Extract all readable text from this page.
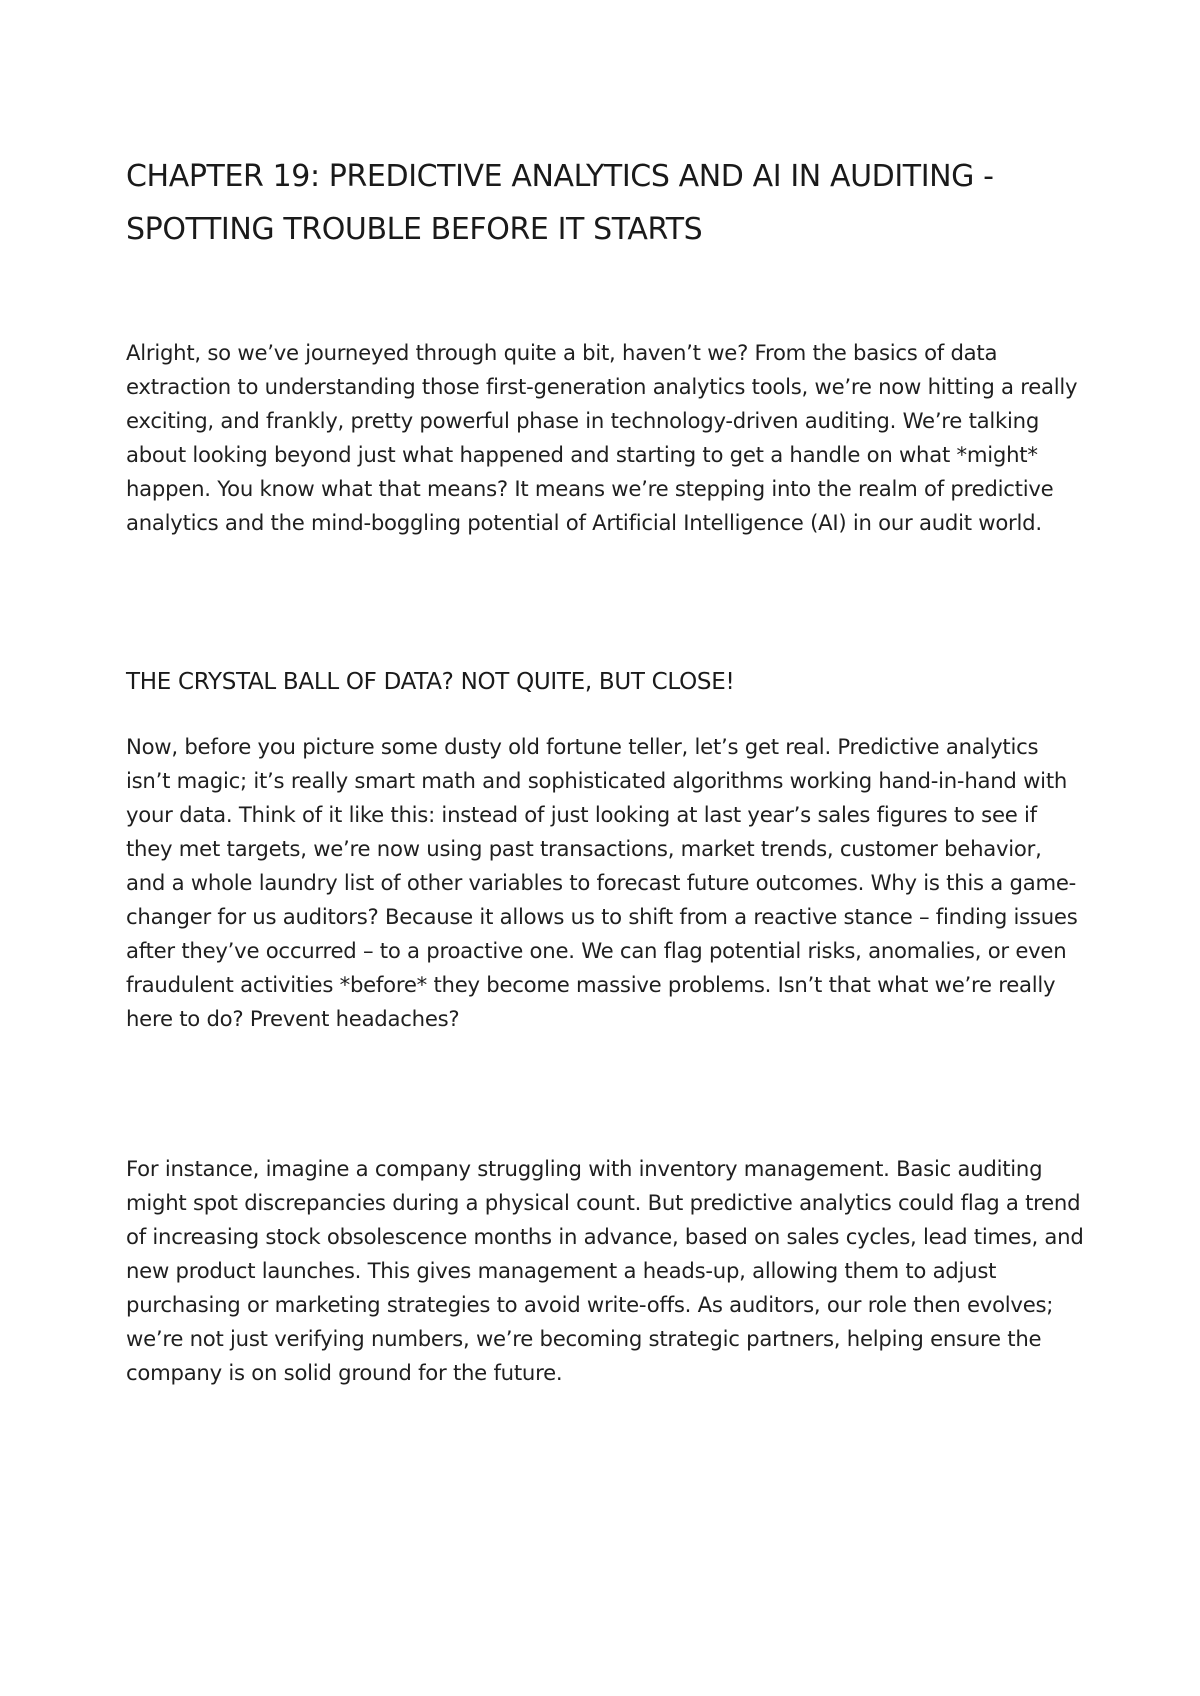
CHAPTER 19: PREDICTIVE ANALYTICS AND AI IN AUDITING - SPOTTING TROUBLE BEFORE IT STARTS

Alright, so we’ve journeyed through quite a bit, haven’t we? From the basics of data extraction to understanding those first-generation analytics tools, we’re now hitting a really exciting, and frankly, pretty powerful phase in technology-driven auditing. We’re talking about looking beyond just what happened and starting to get a handle on what *might* happen. You know what that means? It means we’re stepping into the realm of predictive analytics and the mind-boggling potential of Artificial Intelligence (AI) in our audit world.

THE CRYSTAL BALL OF DATA? NOT QUITE, BUT CLOSE!

Now, before you picture some dusty old fortune teller, let’s get real. Predictive analytics isn’t magic; it’s really smart math and sophisticated algorithms working hand-in-hand with your data. Think of it like this: instead of just looking at last year’s sales figures to see if they met targets, we’re now using past transactions, market trends, customer behavior, and a whole laundry list of other variables to forecast future outcomes. Why is this a game-changer for us auditors? Because it allows us to shift from a reactive stance – finding issues after they’ve occurred – to a proactive one. We can flag potential risks, anomalies, or even fraudulent activities *before* they become massive problems. Isn’t that what we’re really here to do? Prevent headaches?

For instance, imagine a company struggling with inventory management. Basic auditing might spot discrepancies during a physical count. But predictive analytics could flag a trend of increasing stock obsolescence months in advance, based on sales cycles, lead times, and new product launches. This gives management a heads-up, allowing them to adjust purchasing or marketing strategies to avoid write-offs. As auditors, our role then evolves; we’re not just verifying numbers, we’re becoming strategic partners, helping ensure the company is on solid ground for the future.
